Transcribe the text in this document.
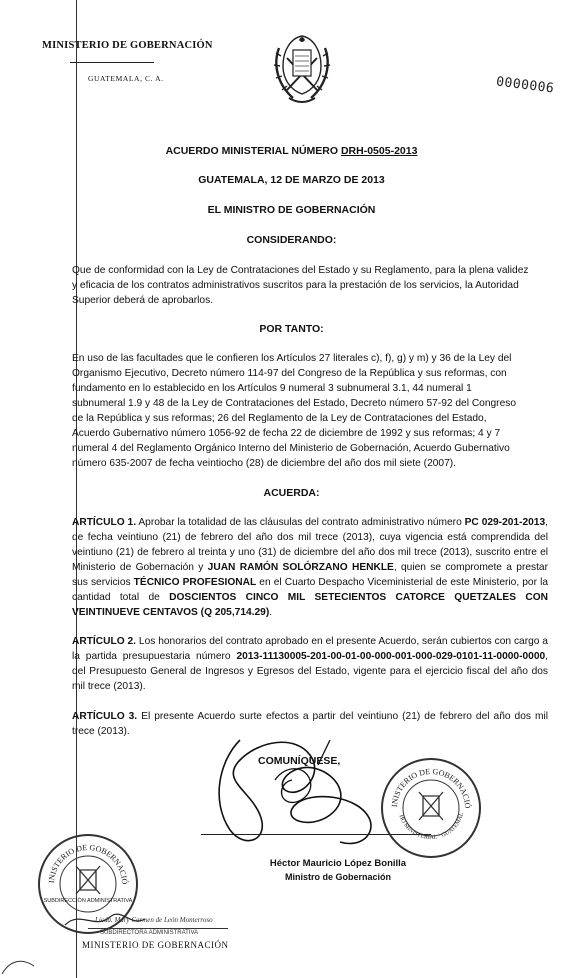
MINISTERIO DE GOBERNACIÓN
GUATEMALA, C. A.	0000006
ACUERDO MINISTERIAL NÚMERO DRH-0505-2013
GUATEMALA, 12 DE MARZO DE 2013
EL MINISTRO DE GOBERNACIÓN
CONSIDERANDO:
Que de conformidad con la Ley de Contrataciones del Estado y su Reglamento, para la plena validez
y eficacia de los contratos administrativos suscritos para la prestación de los servicios, la Autoridad
Superior deberá de aprobarlos.
POR TANTO:
En uso de las facultades que le confieren los Artículos 27 literales c), f), g) y m) y 36 de la Ley del
Organismo Ejecutivo, Decreto número 114-97 del Congreso de la República y sus reformas, con
fundamento en lo establecido en los Artículos 9 numeral 3 subnumeral 3.1, 44 numeral 1
subnumeral 1.9 y 48 de la Ley de Contrataciones del Estado, Decreto número 57-92 del Congreso
de la República y sus reformas; 26 del Reglamento de la Ley de Contrataciones del Estado,
Acuerdo Gubernativo número 1056-92 de fecha 22 de diciembre de 1992 y sus reformas; 4 y 7
numeral 4 del Reglamento Orgánico Interno del Ministerio de Gobernación, Acuerdo Gubernativo
número 635-2007 de fecha veintiocho (28) de diciembre del año dos mil siete (2007).
ACUERDA:
ARTÍCULO 1. Aprobar la totalidad de las cláusulas del contrato administrativo número PC 029-201-2013, de fecha veintiuno (21) de febrero del año dos mil trece (2013), cuya vigencia está comprendida del veintiuno (21) de febrero al treinta y uno (31) de diciembre del año dos mil trece (2013), suscrito entre el Ministerio de Gobernación y JUAN RAMÓN SOLÓRZANO HENKLE, quien se compromete a prestar sus servicios TÉCNICO PROFESIONAL en el Cuarto Despacho Viceministerial de este Ministerio, por la cantidad total de DOSCIENTOS CINCO MIL SETECIENTOS CATORCE QUETZALES CON VEINTINUEVE CENTAVOS (Q 205,714.29).
ARTÍCULO 2. Los honorarios del contrato aprobado en el presente Acuerdo, serán cubiertos con cargo a la partida presupuestaria número 2013-11130005-201-00-01-00-000-001-000-029-0101-11-0000-0000, del Presupuesto General de Ingresos y Egresos del Estado, vigente para el ejercicio fiscal del año dos mil trece (2013).
ARTÍCULO 3. El presente Acuerdo surte efectos a partir del veintiuno (21) de febrero del año dos mil trece (2013).
COMUNÍQUESE,
Héctor Mauricio López Bonilla
Ministro de Gobernación
INISTERIO DE GOBERNACIÓ
HO MINISTERIAL · GUATEMAL
INISTERIO DE GOBERNACIÓ
SUBDIRECCIÓN ADMINISTRATIVA
Licda. Mary Carmen de León Monterroso
SUBDIRECTORA ADMINISTRATIVA
MINISTERIO DE GOBERNACIÓN
